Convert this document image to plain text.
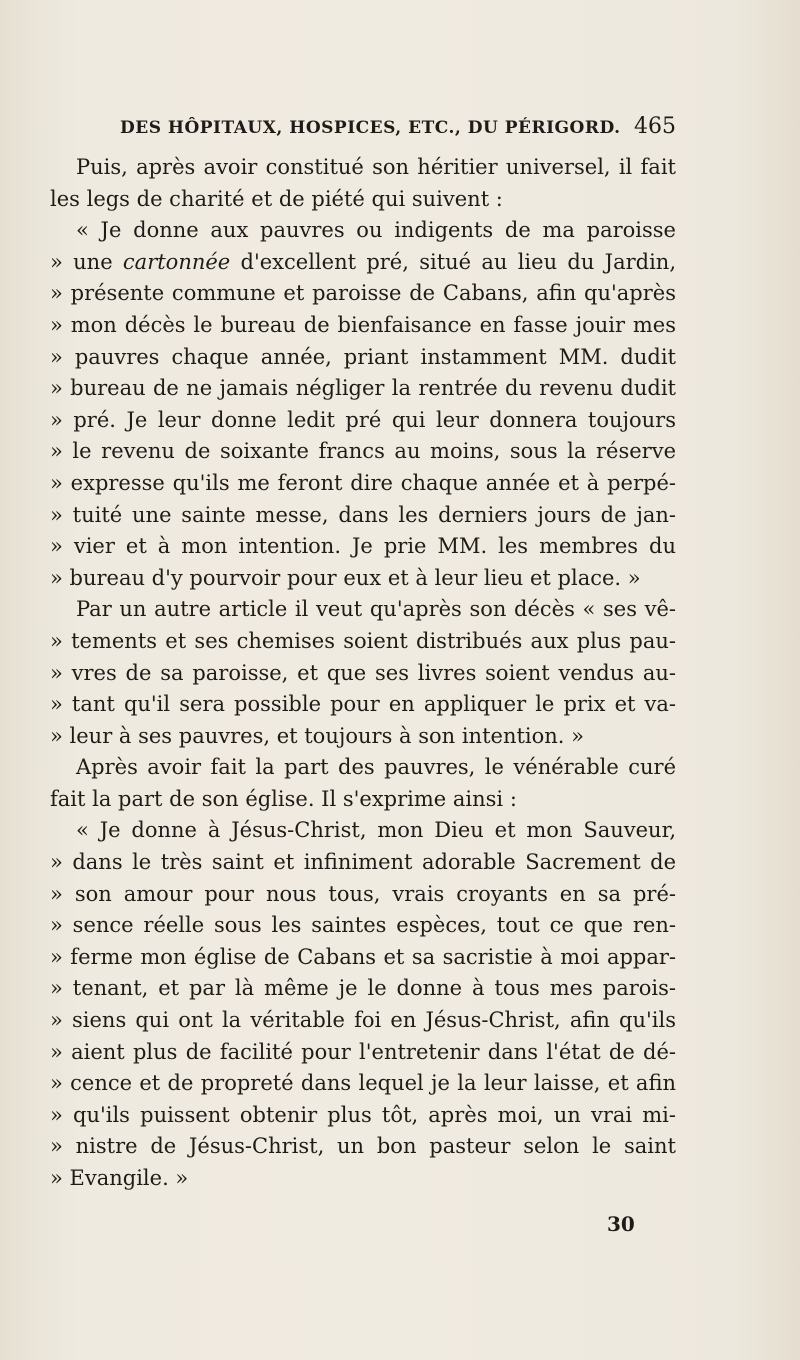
DES HÔPITAUX, HOSPICES, ETC., DU PÉRIGORD. 465
Puis, après avoir constitué son héritier universel, il fait
les legs de charité et de piété qui suivent :
« Je donne aux pauvres ou indigents de ma paroisse
» une cartonnée d'excellent pré, situé au lieu du Jardin,
» présente commune et paroisse de Cabans, afin qu'après
» mon décès le bureau de bienfaisance en fasse jouir mes
» pauvres chaque année, priant instamment MM. dudit
» bureau de ne jamais négliger la rentrée du revenu dudit
» pré. Je leur donne ledit pré qui leur donnera toujours
» le revenu de soixante francs au moins, sous la réserve
» expresse qu'ils me feront dire chaque année et à perpé-
» tuité une sainte messe, dans les derniers jours de jan-
» vier et à mon intention. Je prie MM. les membres du
» bureau d'y pourvoir pour eux et à leur lieu et place. »
Par un autre article il veut qu'après son décès « ses vê-
» tements et ses chemises soient distribués aux plus pau-
» vres de sa paroisse, et que ses livres soient vendus au-
» tant qu'il sera possible pour en appliquer le prix et va-
» leur à ses pauvres, et toujours à son intention. »
Après avoir fait la part des pauvres, le vénérable curé
fait la part de son église. Il s'exprime ainsi :
« Je donne à Jésus-Christ, mon Dieu et mon Sauveur,
» dans le très saint et infiniment adorable Sacrement de
» son amour pour nous tous, vrais croyants en sa pré-
» sence réelle sous les saintes espèces, tout ce que ren-
» ferme mon église de Cabans et sa sacristie à moi appar-
» tenant, et par là même je le donne à tous mes parois-
» siens qui ont la véritable foi en Jésus-Christ, afin qu'ils
» aient plus de facilité pour l'entretenir dans l'état de dé-
» cence et de propreté dans lequel je la leur laisse, et afin
» qu'ils puissent obtenir plus tôt, après moi, un vrai mi-
» nistre de Jésus-Christ, un bon pasteur selon le saint
» Evangile. »
30
